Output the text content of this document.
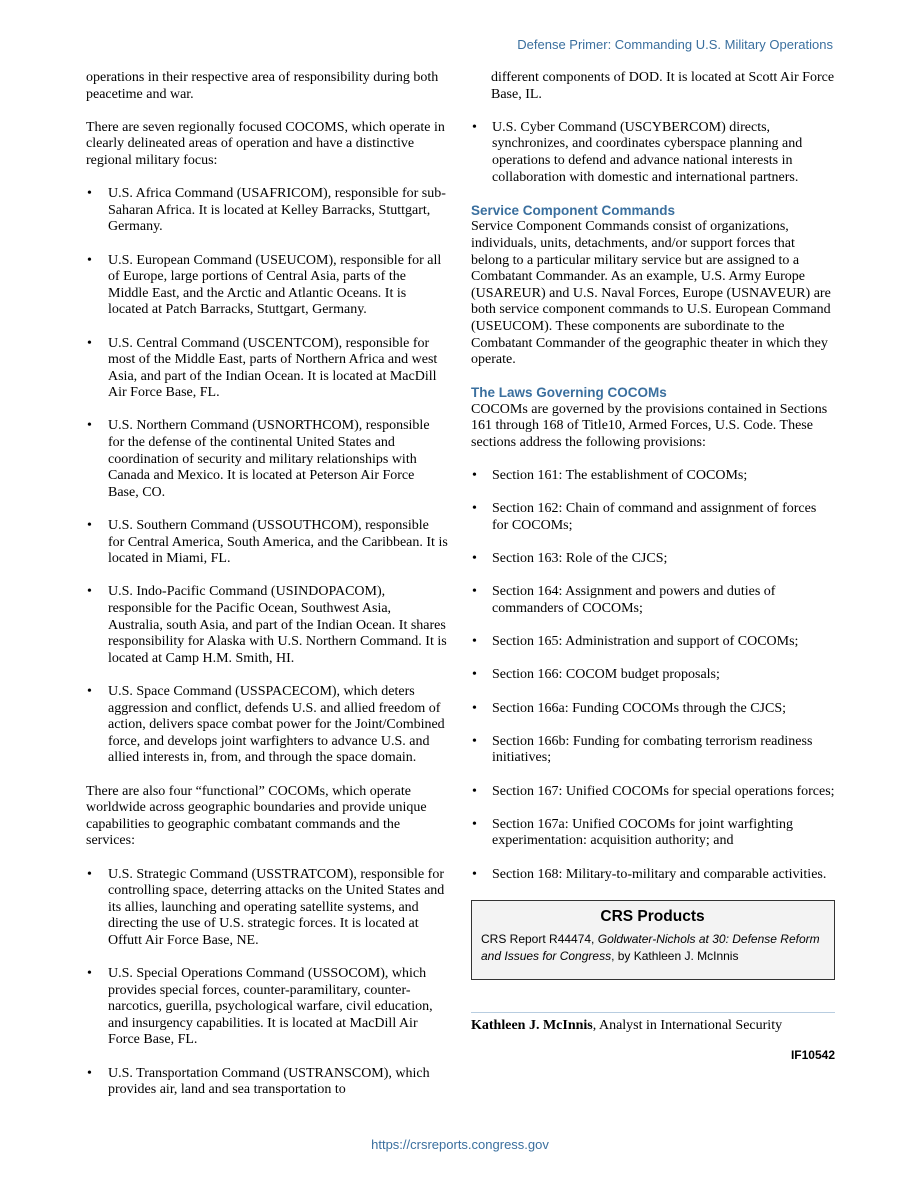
Defense Primer: Commanding U.S. Military Operations

operations in their respective area of responsibility during both peacetime and war.

There are seven regionally focused COCOMS, which operate in clearly delineated areas of operation and have a distinctive regional military focus:

• U.S. Africa Command (USAFRICOM), responsible for sub-Saharan Africa. It is located at Kelley Barracks, Stuttgart, Germany.
• U.S. European Command (USEUCOM), responsible for all of Europe, large portions of Central Asia, parts of the Middle East, and the Arctic and Atlantic Oceans. It is located at Patch Barracks, Stuttgart, Germany.
• U.S. Central Command (USCENTCOM), responsible for most of the Middle East, parts of Northern Africa and west Asia, and part of the Indian Ocean. It is located at MacDill Air Force Base, FL.
• U.S. Northern Command (USNORTHCOM), responsible for the defense of the continental United States and coordination of security and military relationships with Canada and Mexico. It is located at Peterson Air Force Base, CO.
• U.S. Southern Command (USSOUTHCOM), responsible for Central America, South America, and the Caribbean. It is located in Miami, FL.
• U.S. Indo-Pacific Command (USINDOPACOM), responsible for the Pacific Ocean, Southwest Asia, Australia, south Asia, and part of the Indian Ocean. It shares responsibility for Alaska with U.S. Northern Command. It is located at Camp H.M. Smith, HI.
• U.S. Space Command (USSPACECOM), which deters aggression and conflict, defends U.S. and allied freedom of action, delivers space combat power for the Joint/Combined force, and develops joint warfighters to advance U.S. and allied interests in, from, and through the space domain.

There are also four “functional” COCOMs, which operate worldwide across geographic boundaries and provide unique capabilities to geographic combatant commands and the services:

• U.S. Strategic Command (USSTRATCOM), responsible for controlling space, deterring attacks on the United States and its allies, launching and operating satellite systems, and directing the use of U.S. strategic forces. It is located at Offutt Air Force Base, NE.
• U.S. Special Operations Command (USSOCOM), which provides special forces, counter-paramilitary, counter-narcotics, guerilla, psychological warfare, civil education, and insurgency capabilities. It is located at MacDill Air Force Base, FL.
• U.S. Transportation Command (USTRANSCOM), which provides air, land and sea transportation to

different components of DOD. It is located at Scott Air Force Base, IL.

• U.S. Cyber Command (USCYBERCOM) directs, synchronizes, and coordinates cyberspace planning and operations to defend and advance national interests in collaboration with domestic and international partners.
Service Component Commands

Service Component Commands consist of organizations, individuals, units, detachments, and/or support forces that belong to a particular military service but are assigned to a Combatant Commander. As an example, U.S. Army Europe (USAREUR) and U.S. Naval Forces, Europe (USNAVEUR) are both service component commands to U.S. European Command (USEUCOM). These components are subordinate to the Combatant Commander of the geographic theater in which they operate.

The Laws Governing COCOMs

COCOMs are governed by the provisions contained in Sections 161 through 168 of Title10, Armed Forces, U.S. Code. These sections address the following provisions:

• Section 161: The establishment of COCOMs;
• Section 162: Chain of command and assignment of forces for COCOMs;
• Section 163: Role of the CJCS;
• Section 164: Assignment and powers and duties of commanders of COCOMs;
• Section 165: Administration and support of COCOMs;
• Section 166: COCOM budget proposals;
• Section 166a: Funding COCOMs through the CJCS;
• Section 166b: Funding for combating terrorism readiness initiatives;
• Section 167: Unified COCOMs for special operations forces;
• Section 167a: Unified COCOMs for joint warfighting experimentation: acquisition authority; and
• Section 168: Military-to-military and comparable activities.
CRS Products
CRS Report R44474, Goldwater-Nichols at 30: Defense Reform and Issues for Congress, by Kathleen J. McInnis
Kathleen J. McInnis, Analyst in International Security
IF10542
https://crsreports.congress.gov
